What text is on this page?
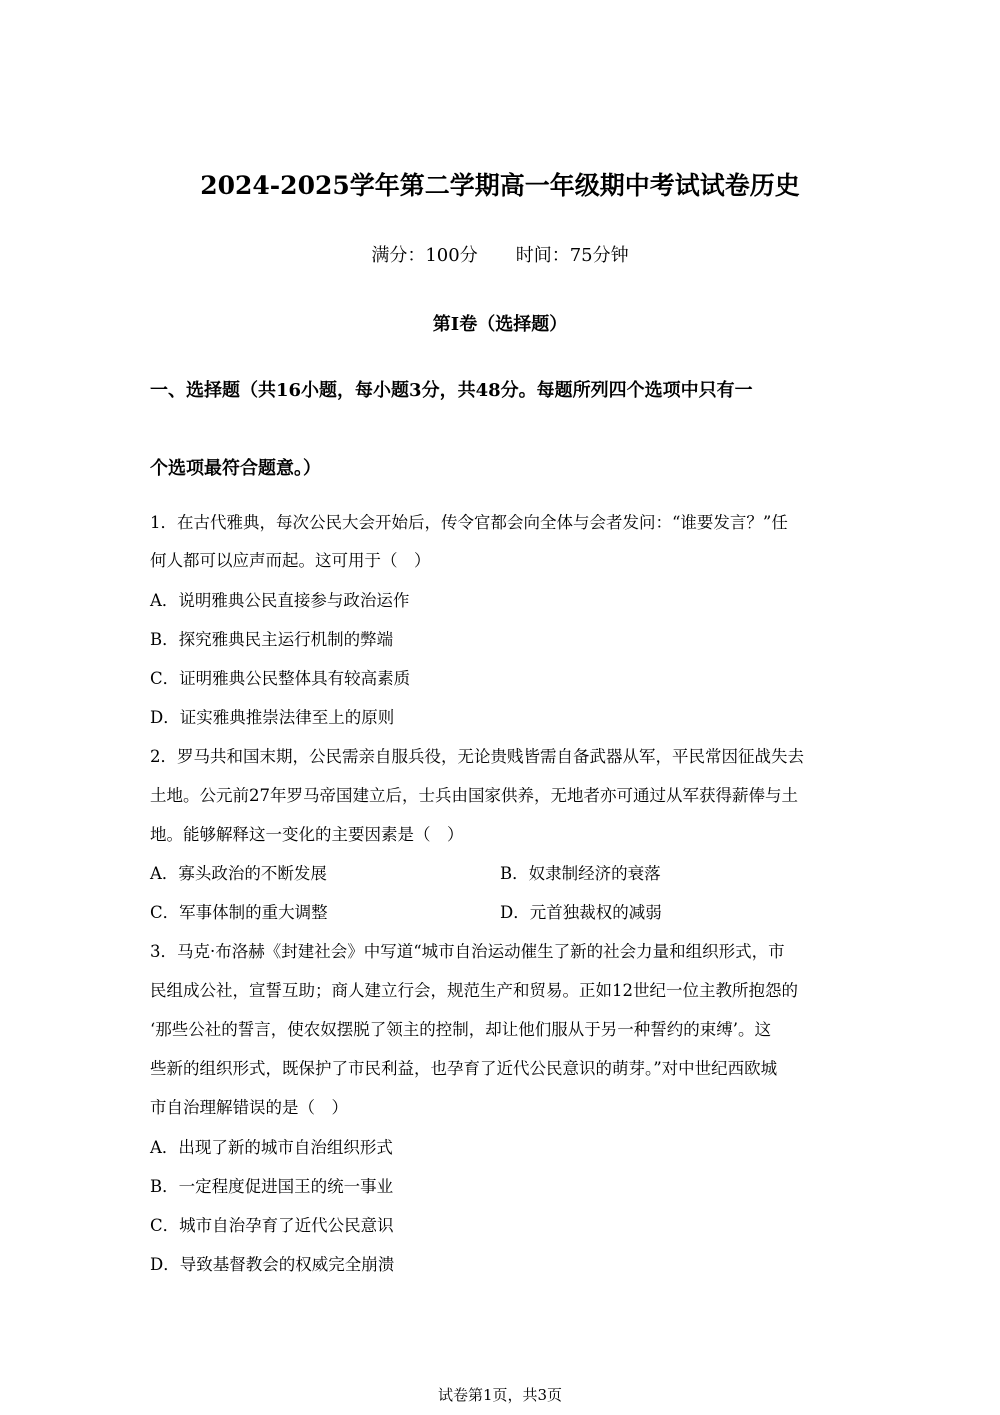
2024-2025学年第二学期高一年级期中考试试卷历史
满分：100分 时间：75分钟
第I卷（选择题）
一、选择题（共16小题，每小题3分，共48分。每题所列四个选项中只有一
个选项最符合题意。）
1．在古代雅典，每次公民大会开始后，传令官都会向全体与会者发问：“谁要发言？”任
何人都可以应声而起。这可用于（　）
A．说明雅典公民直接参与政治运作
B．探究雅典民主运行机制的弊端
C．证明雅典公民整体具有较高素质
D．证实雅典推崇法律至上的原则
2．罗马共和国末期，公民需亲自服兵役，无论贵贱皆需自备武器从军，平民常因征战失去
土地。公元前27年罗马帝国建立后，士兵由国家供养，无地者亦可通过从军获得薪俸与土
地。能够解释这一变化的主要因素是（　）
A．寡头政治的不断发展	B．奴隶制经济的衰落
C．军事体制的重大调整	D．元首独裁权的减弱
3．马克·布洛赫《封建社会》中写道“城市自治运动催生了新的社会力量和组织形式，市
民组成公社，宣誓互助；商人建立行会，规范生产和贸易。正如12世纪一位主教所抱怨的
‘那些公社的誓言，使农奴摆脱了领主的控制，却让他们服从于另一种誓约的束缚’。这
些新的组织形式，既保护了市民利益，也孕育了近代公民意识的萌芽。”对中世纪西欧城
市自治理解错误的是（　）
A．出现了新的城市自治组织形式
B．一定程度促进国王的统一事业
C．城市自治孕育了近代公民意识
D．导致基督教会的权威完全崩溃
试卷第1页，共3页
